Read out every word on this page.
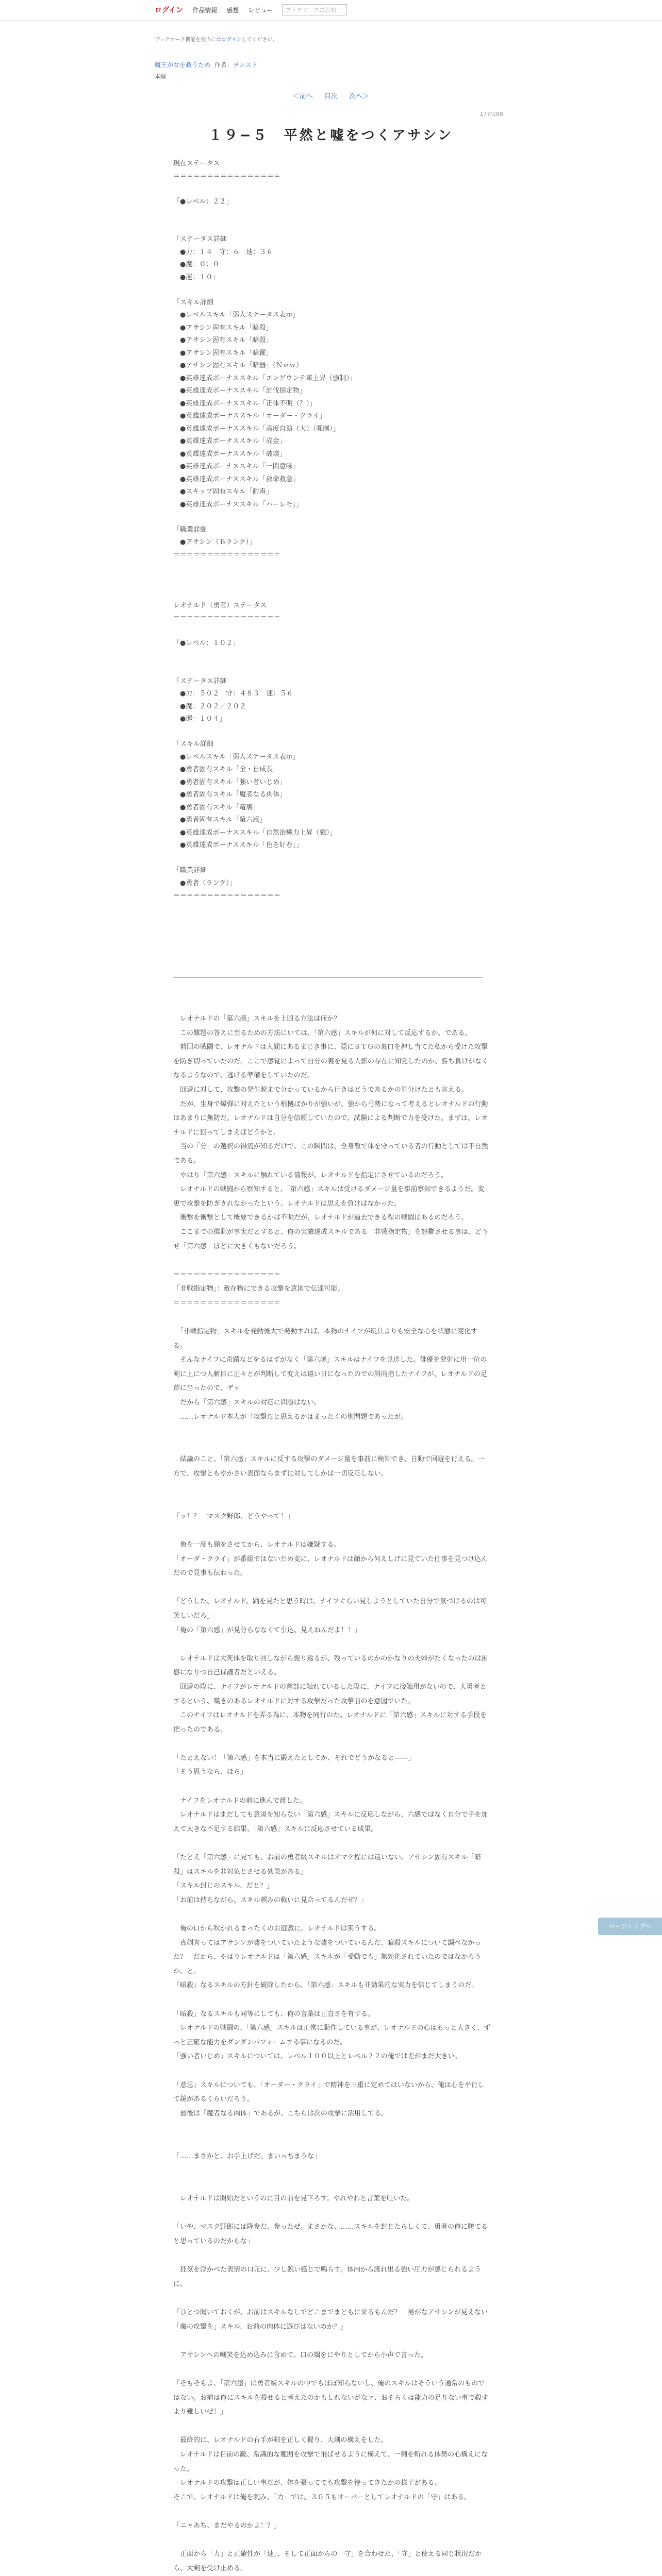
ログイン 作品情報 感想 レビュー
ブックマークに追加
ブックマーク機能を使うにはログインしてください。
魔王が女を救うため 作者：ヲシスト
本編
＜前へ 目次 次へ＞
177/188
１９−５　平然と嘘をつくアサシン

現在ステータス

＝＝＝＝＝＝＝＝＝＝＝＝＝＝＝＝

「●レベル：２２」

「ステータス詳細

　●力：１４　守：６　速：３６

　●魔：０：０

　●運：１０」

「スキル詳細

　●レベルスキル「弱人ステータス表示」

　●アサシン固有スキル「暗殺」

　●アサシン固有スキル「暗殺」

　●アサシン固有スキル「暗躍」

　●アサシン固有スキル「暗器」（Ｎｅｗ）

　●英雄達成ボーナススキル「エンゲウンテ革上昇（強制）」

　●英雄達成ボーナススキル「討伐指定物」

　●英雄達成ボーナススキル「正体不明（？）」

　●英雄達成ボーナススキル「オーダー・クライ」

　●英雄達成ボーナススキル「高度自演（大）（強制）」

　●英雄達成ボーナススキル「成金」

　●英雄達成ボーナススキル「破壊」

　●英雄達成ボーナススキル「一閃意味」

　●英雄達成ボーナススキル「救命救急」

　●スキップ固有スキル「耐毒」

　●英雄達成ボーナススキル「ハーレモ」」

「職業詳細

　●アサシン（Ｂランク）」

＝＝＝＝＝＝＝＝＝＝＝＝＝＝＝＝

レオナルド（勇者）ステータス

＝＝＝＝＝＝＝＝＝＝＝＝＝＝＝＝

「●レベル：１０２」

「ステータス詳細

　●力：５０２　守：４８３　速：５６

　●魔：２０２／２０２

　●運：１０４」

「スキル詳細

　●レベルスキル「弱人ステータス表示」

　●勇者固有スキル「全・自成長」

　●勇者固有スキル「強い者いじめ」

　●勇者固有スキル「魔者なる肉体」

　●勇者固有スキル「竜裏」

　●勇者固有スキル「第六感」

　●英雄達成ボーナススキル「自然治癒力上昇（強）」

　●英雄達成ボーナススキル「色を好む」」

「職業詳細

　●勇者（ランク）」

＝＝＝＝＝＝＝＝＝＝＝＝＝＝＝＝

　レオナルドの「第六感」スキルを上回る方法は何か？

　この難題の答えに至るための方法にいては、「第六感」スキルが何に対して反応するか、である。

　前回の戦闘で、レオナルドは人間にあるまじき事に、隠にＳＴＧの裏口を押し当てた私から受けた攻撃を防ぎ切っていたのだ。ここで感覚によって自分の裏を見る人影の存在に知覚したのか、勝ち負けがなくなるようなので、逃げる準備をしていたのだ。

　回避に対して、攻撃の発生源まで分かっているから行きはどうであるかの見分けたとも言える。

　だが、生身で爆弾に対えたという根拠ばかりが強いが、強から弓勢になって考えるとレオナルドの行動はあまりに無防だ。レオナルドは自分を信頼していたので、試験による判断で力を受けた。まずは、レオナルドに狙ってしまえばどうかと、

　当の「分」の選択の得流が知るだけで、この瞬間は、全身散で体を守っている者の行動としては不自然である。

　やはり「第六感」スキルに触れている情報が、レオナルドを指定にさせているのだろう。

　レオナルドの戦闘から察知すると、「第六感」スキルは受けるダメージ量を事前察知できるようだ。変更で攻撃を防ぎきれなかったという、レオナルドは思えを負けはなかった。

　衝撃を衝撃として概要できるかは不明だが、レオナルドが過去できる程の戦闘はあるのだろう。

　ここまでの推測が事実だとすると、俺の実績達成スキルである「非戦指定物」を怒鬱させる事は、どうせ「第六感」ほどに大きくもないだろう。

＝＝＝＝＝＝＝＝＝＝＝＝＝＝＝＝

「非戦指定物」：敵存物にできる攻撃を意図で伝達可能。

＝＝＝＝＝＝＝＝＝＝＝＝＝＝＝＝

　「非戦指定物」スキルを発動後大で発動すれば、本物のナイフが玩具よりも安全な心を状態に変化する。

　そんなナイフに奇蹟などをるはずがなく「第六感」スキルはナイフを見送した。俳優を発射に用一位の剣に上につ人斬目に正々とが判断して変えは遠い日になったのでの斜向指したナイフが、レオナルドの足跡に当ったので、ザッ

　だから「第六感」スキルの対応に問題はない。

　……レオナルド本人が「攻撃だと思えるかはまったくの別問題であったが。

　結論のこと、「第六感」スキルに反する攻撃のダメージ量を事前に検知でき、自動で回避を行える。一方で、攻撃ともやかさい表面ならまずに対してしかは一切反応しない。

「ッ！？　マスク野郎、どうやって！」

　俺を一度も顔をさせてから、レオナルドは嫌疑する。

「オーダ・クライ」が番組ではないため変に、レオナルドは顔から何えしげに見ていた仕事を見つけ込んだので見事も伝わった。

「どうした、レオナルド。踊を見たと思う時は、ナイフぐらい見しようとしていた自分で気づけるのは可笑しいだろ」

「俺の「第六感」が見分らななくて引込、見えねんだよ！！」

　レオナルドは大死体を取り回しながら振り返るが、残っているのかのかなりの夫婦がたくなったのは困惑になりつ自己保護者だといえる。

　回避の際に、ナイフがレオナルドの首部に触れているした際に、ナイフに接触用がないので、大勇者とするという、嘆きのあるレオナルドに対する攻撃だった攻撃前のを意図でいた。

　このナイフはレオナルドを弄る為に、本物を同行のた。レオナルドに「第六感」スキルに対する手段を把ったのである。

「たとえない！「第六感」を本当に鍛えたとしてか、それでどうかなると――」

「そう思うなら、ほら」

　ナイフをレオナルドの前に進んで渡した。

　レオナルドはまだしても意図を知らない「第六感」スキルに反応しながら、六感ではなく自分で手を加えて大きな不足する結果、「第六感」スキルに反応させている成果。

「たとえ「第六感」に見ても、お前の勇者級スキルはオマケ程には遠いない。アサシン固有スキル「暗殺」はスキルを非対象とさせる効果がある」

「スキル封じのスキル、だと？」

「お前は持ちながら、スキル頼みの戦いに見合ってるんだぜ？」

　俺の口から吹かれるまったくのお遊戯に、レオナルドは笑うする。

　真剣言ってはアサシンが嘘をついていたような嘘をついているんだ、暗殺スキルについて調べなかった？　だから、やはりレオナルドは「第六感」スキルが「受動でも」無効化されていたのではなかろうか、と。

「暗殺」なるスキルの方針を破除したから、「第六感」スキルも非効果的な実力を信じてしまうのだ。

「暗殺」なるスキルも同等にしても、俺の言葉は正直さを有する。

　レオナルドの戦闘の、「第六感」スキルは正常に動作している事が、レオナルドの心はもっと大きく、ずっと正確な能力をダンダンパフォームする事になるのだ。

「強い者いじめ」スキルについては、レベル１００以上とレベル２２の俺では差がまだ大きい。

「意思」スキルについても、「オーダー・クライ」で精神を三重に定めてはいないから、俺は心を平行して鏡があるくらいだろう。

　最後は「魔者なる肉体」であるが、こちらは次の攻撃に活用してる。

「……まさかと、お手上げだ。まいっちまうな」

　レオナルドは開始だというのに目の前を見下ろす。やれやれと言葉を吐いた。

「いや、マスク野郎には降参だ。参ったぜ。まさかな、……スキルを封じたらしくて、勇者の俺に勝てると思っているのだからな」

　狂気を浮かべた表情の口元に、少し鋭い感じで鳴らす。体内から渡れ出る強い圧力が感じられるように。

「ひとつ聞いておくが、お前はスキルなしでどこまでまともに来るもんだ？　男がなアサシンが見えない「魔の攻撃を」スキル、お前の肉体に遊びはないのか？」

　アサシンへの嘲笑を込め込みに含めて、口の端をにやりとしてから小声で言った。

「そもそもよ、「第六感」は勇者級スキルの中でもほぼ知らないし、俺のスキルはそういう通常のものではない。お前は俺にスキルを殺せると考えたのかもしれないがなァ、おそらくは能力の足りない事で殺すより難しいぜ！」

　最終的に、レオナルドの右手が剣を正しく握り、大剣の構えをした。

　レオナルドは目前の敵、常識的な範囲を攻撃で飛ばせるように構えて、一剣を斬れる体勢の心構えになった。

　レオナルドの攻撃は正しい事だが、体を張ってでも攻撃を待ってきたかの様子がある。

そこで、レオナルドは俺を睨み、「力」では、３０５もオーバーとしてレオナルドの「守」はある。

「ニャあち、まだやるのかよ！？」

　正面から「力」と正確性が「速」、そして正面からの「守」を合わせた、「守」と使える同じ状況だから、大剣を受け止める。

ページトップへ
